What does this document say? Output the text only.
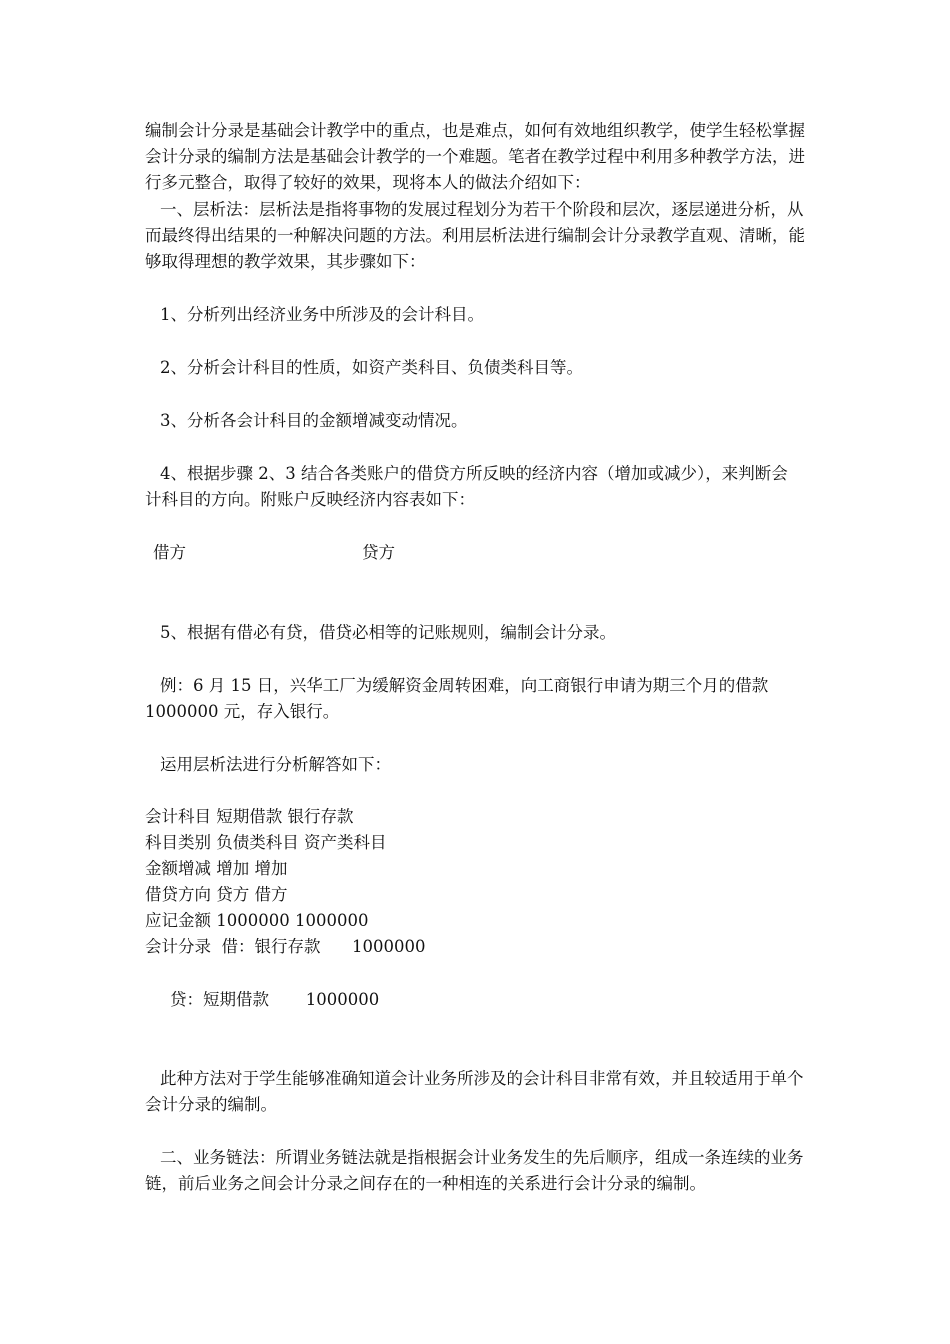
编制会计分录是基础会计教学中的重点，也是难点，如何有效地组织教学，使学生轻松掌握
会计分录的编制方法是基础会计教学的一个难题。笔者在教学过程中利用多种教学方法，进
行多元整合，取得了较好的效果，现将本人的做法介绍如下：
一、层析法：层析法是指将事物的发展过程划分为若干个阶段和层次，逐层递进分析，从
而最终得出结果的一种解决问题的方法。利用层析法进行编制会计分录教学直观、清晰，能
够取得理想的教学效果，其步骤如下：
1、分析列出经济业务中所涉及的会计科目。
2、分析会计科目的性质，如资产类科目、负债类科目等。
3、分析各会计科目的金额增减变动情况。
4、根据步骤 2、3 结合各类账户的借贷方所反映的经济内容（增加或减少），来判断会
计科目的方向。附账户反映经济内容表如下：
借方	贷方
5、根据有借必有贷，借贷必相等的记账规则，编制会计分录。
例：6 月 15 日，兴华工厂为缓解资金周转困难，向工商银行申请为期三个月的借款
1000000 元，存入银行。
运用层析法进行分析解答如下：
会计科目 短期借款 银行存款
科目类别 负债类科目 资产类科目
金额增减 增加 增加
借贷方向 贷方 借方
应记金额 1000000 1000000
会计分录  借：银行存款      1000000
贷：短期借款       1000000
此种方法对于学生能够准确知道会计业务所涉及的会计科目非常有效，并且较适用于单个
会计分录的编制。
二、业务链法：所谓业务链法就是指根据会计业务发生的先后顺序，组成一条连续的业务
链，前后业务之间会计分录之间存在的一种相连的关系进行会计分录的编制。
